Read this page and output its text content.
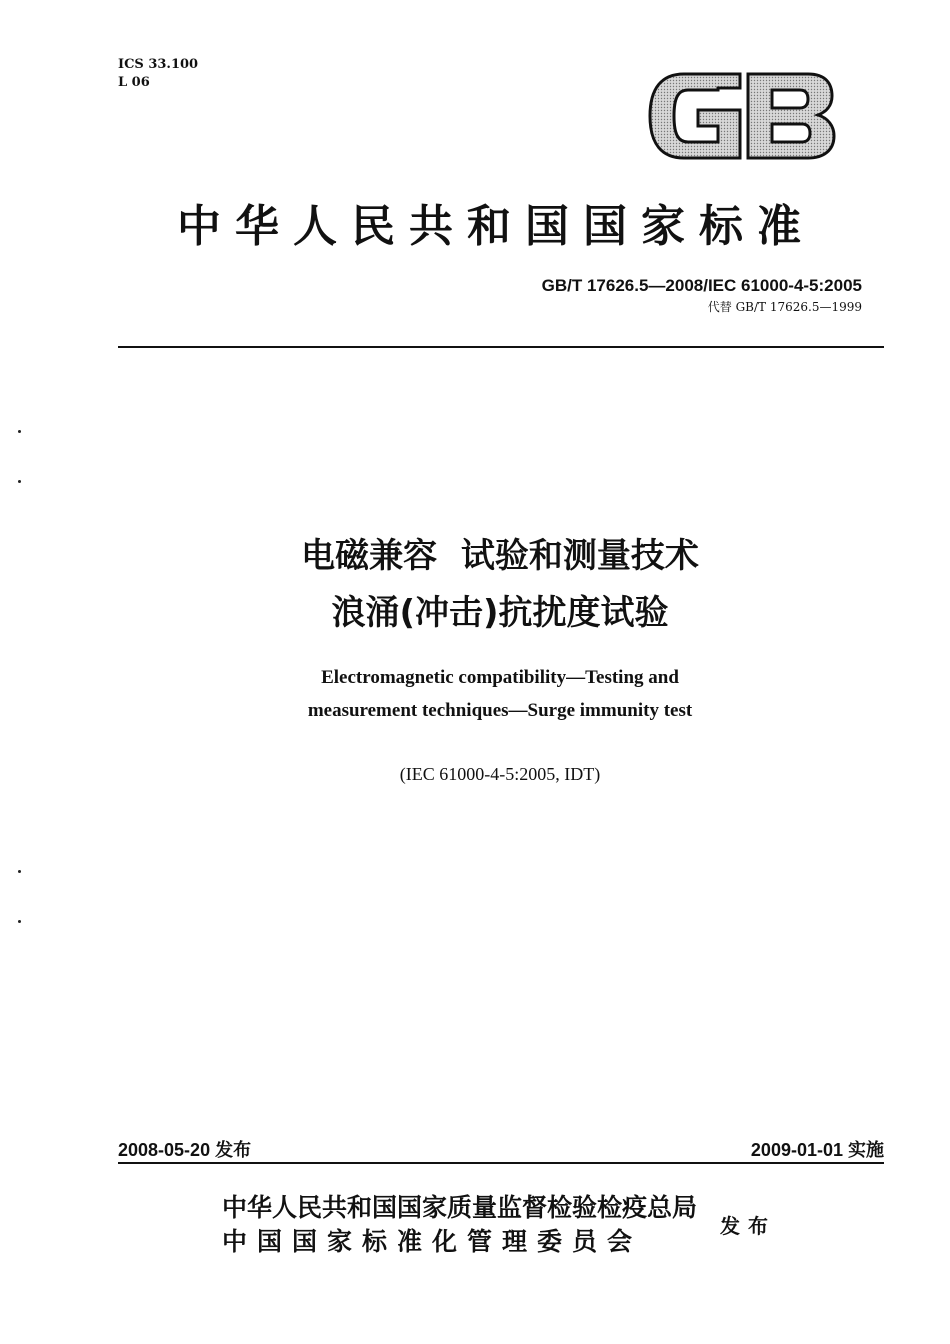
ICS 33.100
L 06
中华人民共和国国家标准
GB/T 17626.5—2008/IEC 61000-4-5:2005
代替 GB/T 17626.5—1999
电磁兼容  试验和测量技术
浪涌(冲击)抗扰度试验
Electromagnetic compatibility—Testing and
measurement techniques—Surge immunity test
(IEC 61000-4-5:2005, IDT)
2008-05-20 发布	2009-01-01 实施
中华人民共和国国家质量监督检验检疫总局
中国国家标准化管理委员会
发布
